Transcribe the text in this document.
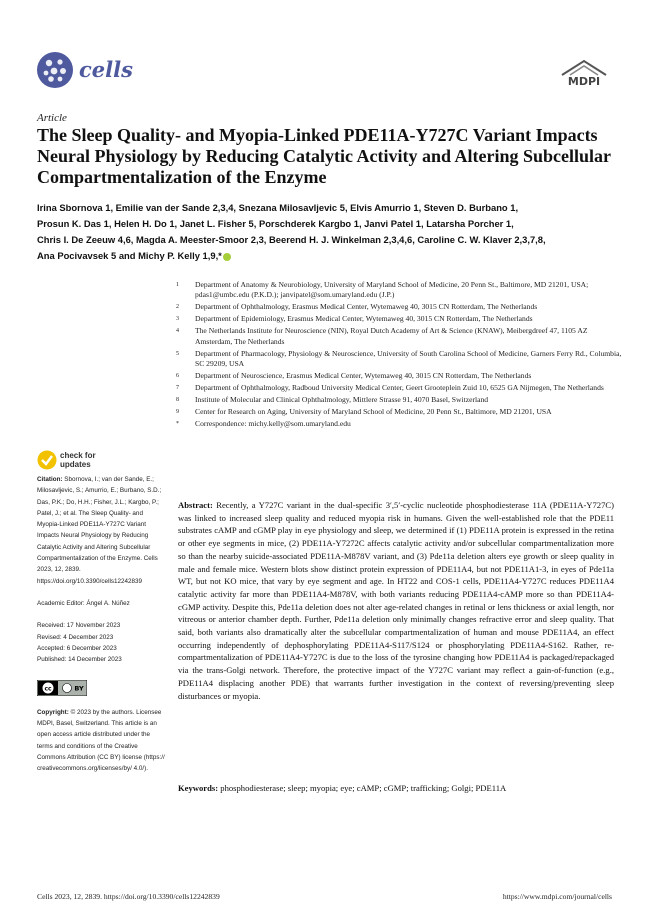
cells	MDPI
Article
The Sleep Quality- and Myopia-Linked PDE11A-Y727C Variant Impacts Neural Physiology by Reducing Catalytic Activity and Altering Subcellular Compartmentalization of the Enzyme
Irina Sbornova 1, Emilie van der Sande 2,3,4, Snezana Milosavljevic 5, Elvis Amurrio 1, Steven D. Burbano 1,
Prosun K. Das 1, Helen H. Do 1, Janet L. Fisher 5, Porschderek Kargbo 1, Janvi Patel 1, Latarsha Porcher 1,
Chris I. De Zeeuw 4,6, Magda A. Meester-Smoor 2,3, Beerend H. J. Winkelman 2,3,4,6, Caroline C. W. Klaver 2,3,7,8,
Ana Pocivavsek 5 and Michy P. Kelly 1,9,*
1	Department of Anatomy & Neurobiology, University of Maryland School of Medicine, 20 Penn St., Baltimore, MD 21201, USA; pdas1@umbc.edu (P.K.D.); janvipatel@som.umaryland.edu (J.P.)
2	Department of Ophthalmology, Erasmus Medical Center, Wytemaweg 40, 3015 CN Rotterdam, The Netherlands
3	Department of Epidemiology, Erasmus Medical Center, Wytemaweg 40, 3015 CN Rotterdam, The Netherlands
4	The Netherlands Institute for Neuroscience (NIN), Royal Dutch Academy of Art & Science (KNAW), Meibergdreef 47, 1105 AZ Amsterdam, The Netherlands
5	Department of Pharmacology, Physiology & Neuroscience, University of South Carolina School of Medicine, Garners Ferry Rd., Columbia, SC 29209, USA
6	Department of Neuroscience, Erasmus Medical Center, Wytemaweg 40, 3015 CN Rotterdam, The Netherlands
7	Department of Ophthalmology, Radboud University Medical Center, Geert Grooteplein Zuid 10, 6525 GA Nijmegen, The Netherlands
8	Institute of Molecular and Clinical Ophthalmology, Mittlere Strasse 91, 4070 Basel, Switzerland
9	Center for Research on Aging, University of Maryland School of Medicine, 20 Penn St., Baltimore, MD 21201, USA
*	Correspondence: michy.kelly@som.umaryland.edu
check for
updates
Citation: Sbornova, I.; van der Sande, E.; Milosavljevic, S.; Amurrio, E.; Burbano, S.D.; Das, P.K.; Do, H.H.; Fisher, J.L.; Kargbo, P.; Patel, J.; et al. The Sleep Quality- and Myopia-Linked PDE11A-Y727C Variant Impacts Neural Physiology by Reducing Catalytic Activity and Altering Subcellular Compartmentalization of the Enzyme. Cells 2023, 12, 2839. https://doi.org/10.3390/cells12242839
Academic Editor: Ángel A. Núñez
Received: 17 November 2023
Revised: 4 December 2023
Accepted: 6 December 2023
Published: 14 December 2023
cc	BY
Copyright: © 2023 by the authors. Licensee MDPI, Basel, Switzerland. This article is an open access article distributed under the terms and conditions of the Creative Commons Attribution (CC BY) license (https:// creativecommons.org/licenses/by/ 4.0/).
Abstract: Recently, a Y727C variant in the dual-specific 3′,5′-cyclic nucleotide phosphodiesterase 11A (PDE11A-Y727C) was linked to increased sleep quality and reduced myopia risk in humans. Given the well-established role that the PDE11 substrates cAMP and cGMP play in eye physiology and sleep, we determined if (1) PDE11A protein is expressed in the retina or other eye segments in mice, (2) PDE11A-Y7272C affects catalytic activity and/or subcellular compartmentalization more so than the nearby suicide-associated PDE11A-M878V variant, and (3) Pde11a deletion alters eye growth or sleep quality in male and female mice. Western blots show distinct protein expression of PDE11A4, but not PDE11A1-3, in eyes of Pde11a WT, but not KO mice, that vary by eye segment and age. In HT22 and COS-1 cells, PDE11A4-Y727C reduces PDE11A4 catalytic activity far more than PDE11A4-M878V, with both variants reducing PDE11A4-cAMP more so than PDE11A4-cGMP activity. Despite this, Pde11a deletion does not alter age-related changes in retinal or lens thickness or axial length, nor vitreous or anterior chamber depth. Further, Pde11a deletion only minimally changes refractive error and sleep quality. That said, both variants also dramatically alter the subcellular compartmentalization of human and mouse PDE11A4, an effect occurring independently of dephosphorylating PDE11A4-S117/S124 or phosphorylating PDE11A4-S162. Rather, re-compartmentalization of PDE11A4-Y727C is due to the loss of the tyrosine changing how PDE11A4 is packaged/repackaged via the trans-Golgi network. Therefore, the protective impact of the Y727C variant may reflect a gain-of-function (e.g., PDE11A4 displacing another PDE) that warrants further investigation in the context of reversing/preventing sleep disturbances or myopia.
Keywords: phosphodiesterase; sleep; myopia; eye; cAMP; cGMP; trafficking; Golgi; PDE11A
Cells 2023, 12, 2839. https://doi.org/10.3390/cells12242839	https://www.mdpi.com/journal/cells
